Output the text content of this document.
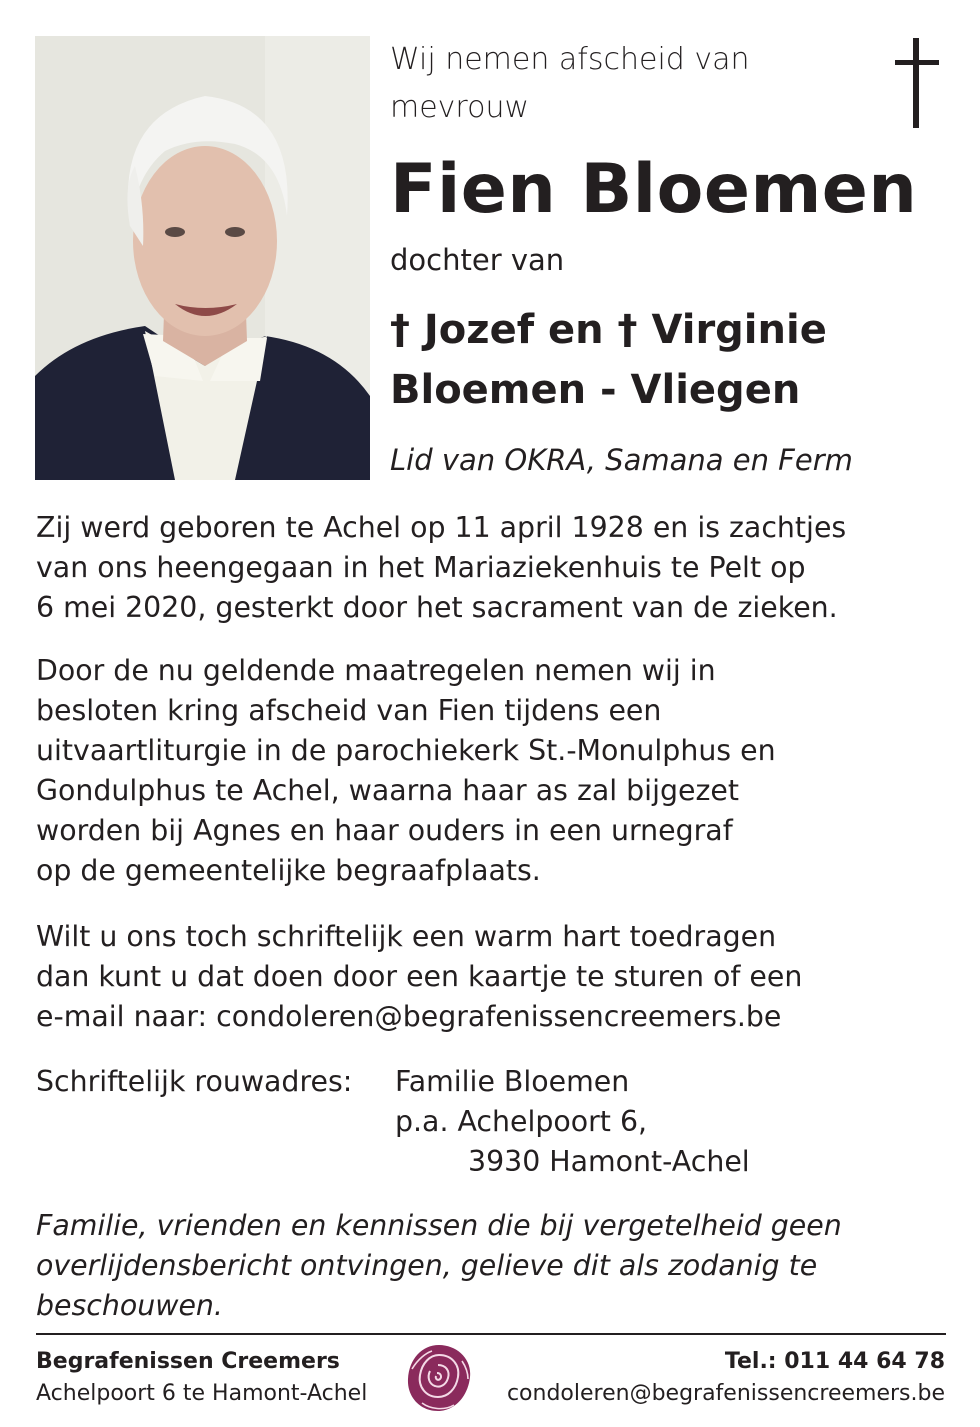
Wij nemen afscheid van
mevrouw
Fien Bloemen
dochter van
† Jozef en † Virginie
Bloemen - Vliegen
Lid van OKRA, Samana en Ferm
Zij werd geboren te Achel op 11 april 1928 en is zachtjes
van ons heengegaan in het Mariaziekenhuis te Pelt op
6 mei 2020, gesterkt door het sacrament van de zieken.
Door de nu geldende maatregelen nemen wij in
besloten kring afscheid van Fien tijdens een
uitvaartliturgie in de parochiekerk St.-Monulphus en
Gondulphus te Achel, waarna haar as zal bijgezet
worden bij Agnes en haar ouders in een urnegraf
op de gemeentelijke begraafplaats.
Wilt u ons toch schriftelijk een warm hart toedragen
dan kunt u dat doen door een kaartje te sturen of een
e-mail naar: condoleren@begrafenissencreemers.be
Schriftelijk rouwadres: Familie Bloemen
p.a. Achelpoort 6,
3930 Hamont-Achel
Familie, vrienden en kennissen die bij vergetelheid geen
overlijdensbericht ontvingen, gelieve dit als zodanig te
beschouwen.
Begrafenissen Creemers
Achelpoort 6 te Hamont-Achel
Tel.: 011 44 64 78
condoleren@begrafenissencreemers.be
